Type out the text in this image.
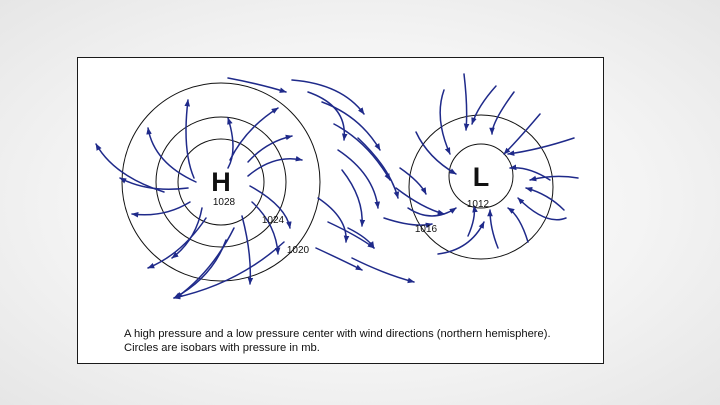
H
1028
1024
1020
L
1012
1016
A high pressure and a low pressure center with wind directions (northern hemisphere).
Circles are isobars with pressure in mb.
